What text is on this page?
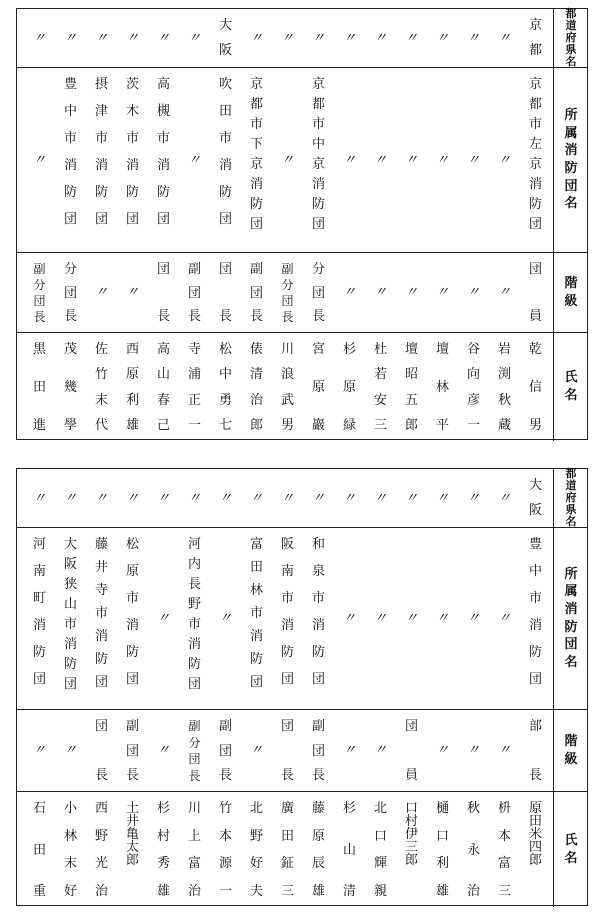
都
道
府
県
名
京
都
〃
〃
〃
〃
〃
〃
〃
〃
〃
大
阪
〃
〃
〃
〃
〃
〃
所
属
消
防
団
名
京
都
市
左
京
消
防
団
〃
〃
〃
〃
〃
〃
京
都
市
中
京
消
防
団
〃
京
都
市
下
京
消
防
団
吹
田
市
消
防
団
〃
高
槻
市
消
防
団
茨
木
市
消
防
団
摂
津
市
消
防
団
豊
中
市
消
防
団
〃
階
級
団
員
〃
〃
〃
〃
〃
〃
分
団
長
副
分
団
長
副
団
長
団
長
副
団
長
団
長
〃
〃
分
団
長
副
分
団
長
氏
名
乾
信
男
岩
渕
秋
蔵
谷
向
彦
一
壇
林
平
壇
昭
五
郎
杜
若
安
三
杉
原
緑
宮
原
巖
川
浪
武
男
俵
清
治
郎
松
中
勇
七
寺
浦
正
一
高
山
春
己
西
原
利
雄
佐
竹
末
代
茂
幾
學
黒
田
進
都
道
府
県
名
大
阪
〃
〃
〃
〃
〃
〃
〃
〃
〃
〃
〃
〃
〃
〃
〃
〃
所
属
消
防
団
名
豊
中
市
消
防
団
〃
〃
〃
〃
〃
〃
和
泉
市
消
防
団
阪
南
市
消
防
団
富
田
林
市
消
防
団
〃
河
内
長
野
市
消
防
団
〃
松
原
市
消
防
団
藤
井
寺
市
消
防
団
大
阪
狭
山
市
消
防
団
河
南
町
消
防
団
階
級
部
長
〃
〃
〃
団
員
〃
〃
副
団
長
団
長
〃
副
団
長
副
分
団
長
〃
副
団
長
団
長
〃
〃
氏
名
原
田
米
四
郎
枡
本
富
三
秋
永
治
樋
口
利
雄
口
村
伊
三
郎
北
口
輝
親
杉
山
清
藤
原
辰
雄
廣
田
鉦
三
北
野
好
夫
竹
本
源
一
川
上
富
治
杉
村
秀
雄
土
井
亀
太
郎
西
野
光
治
小
林
末
好
石
田
重
